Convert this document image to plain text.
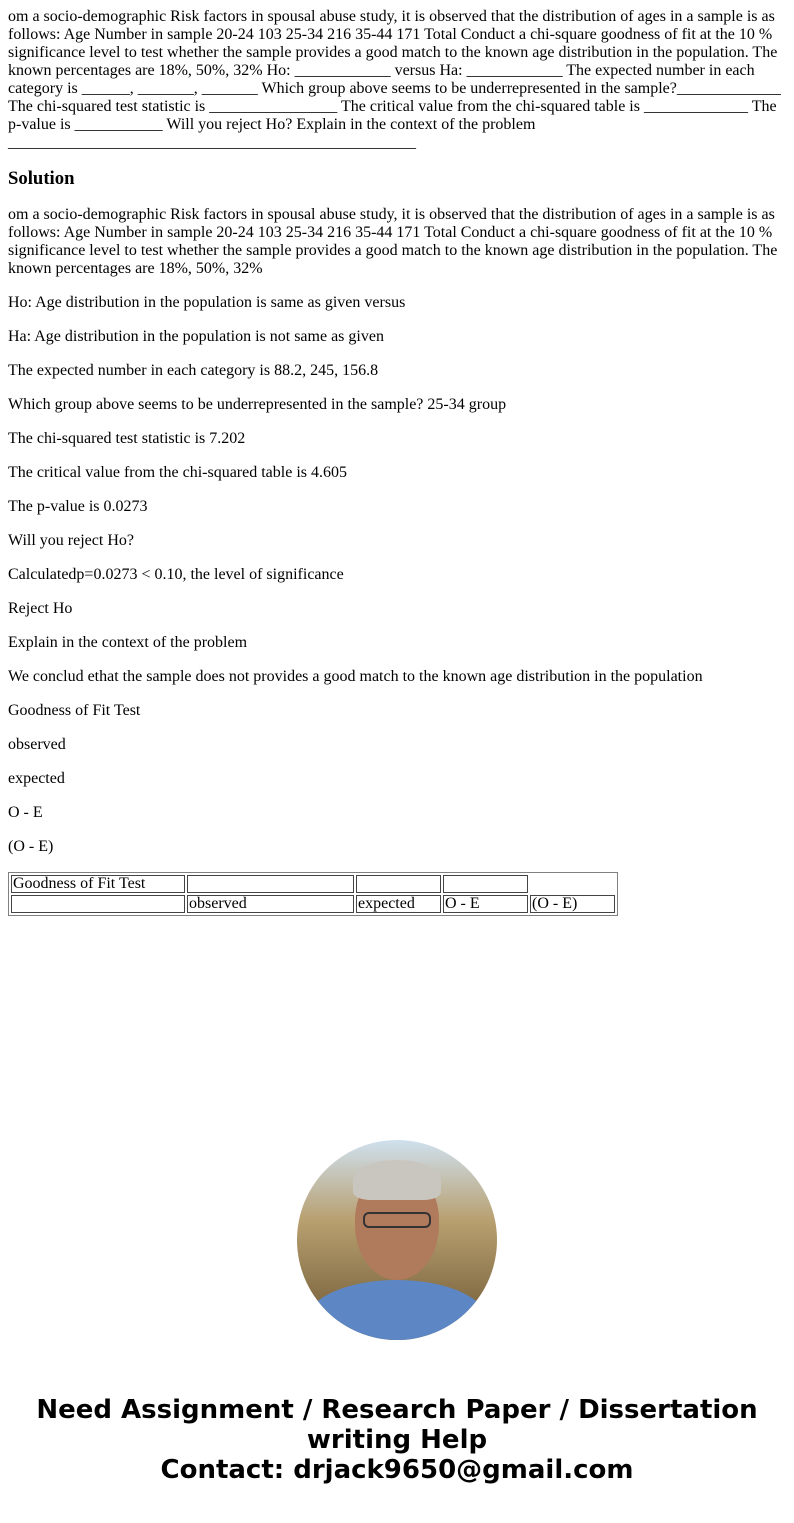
om a socio-demographic Risk factors in spousal abuse study, it is observed that the distribution of ages in a sample is as follows: Age Number in sample 20-24 103 25-34 216 35-44 171 Total Conduct a chi-square goodness of fit at the 10 % significance level to test whether the sample provides a good match to the known age distribution in the population. The known percentages are 18%, 50%, 32% Ho: ____________ versus Ha: ____________ The expected number in each category is ______, _______, _______ Which group above seems to be underrepresented in the sample?_____________ The chi-squared test statistic is ________________ The critical value from the chi-squared table is _____________ The p-value is ___________ Will you reject Ho? Explain in the context of the problem
___________________________________________________

Solution

om a socio-demographic Risk factors in spousal abuse study, it is observed that the distribution of ages in a sample is as follows: Age Number in sample 20-24 103 25-34 216 35-44 171 Total Conduct a chi-square goodness of fit at the 10 % significance level to test whether the sample provides a good match to the known age distribution in the population. The known percentages are 18%, 50%, 32%

Ho: Age distribution in the population is same as given versus

Ha: Age distribution in the population is not same as given

The expected number in each category is 88.2, 245, 156.8

Which group above seems to be underrepresented in the sample? 25-34 group

The chi-squared test statistic is 7.202

The critical value from the chi-squared table is 4.605

The p-value is 0.0273

Will you reject Ho?

Calculatedp=0.0273 < 0.10, the level of significance

Reject Ho

Explain in the context of the problem

We conclud ethat the sample does not provides a good match to the known age distribution in the population

Goodness of Fit Test

observed

expected

O - E

(O - E)

Goodness of Fit Test				
	observed	expected	O - E	(O - E)
Need Assignment / Research Paper / Dissertation writing Help
Contact: drjack9650@gmail.com
